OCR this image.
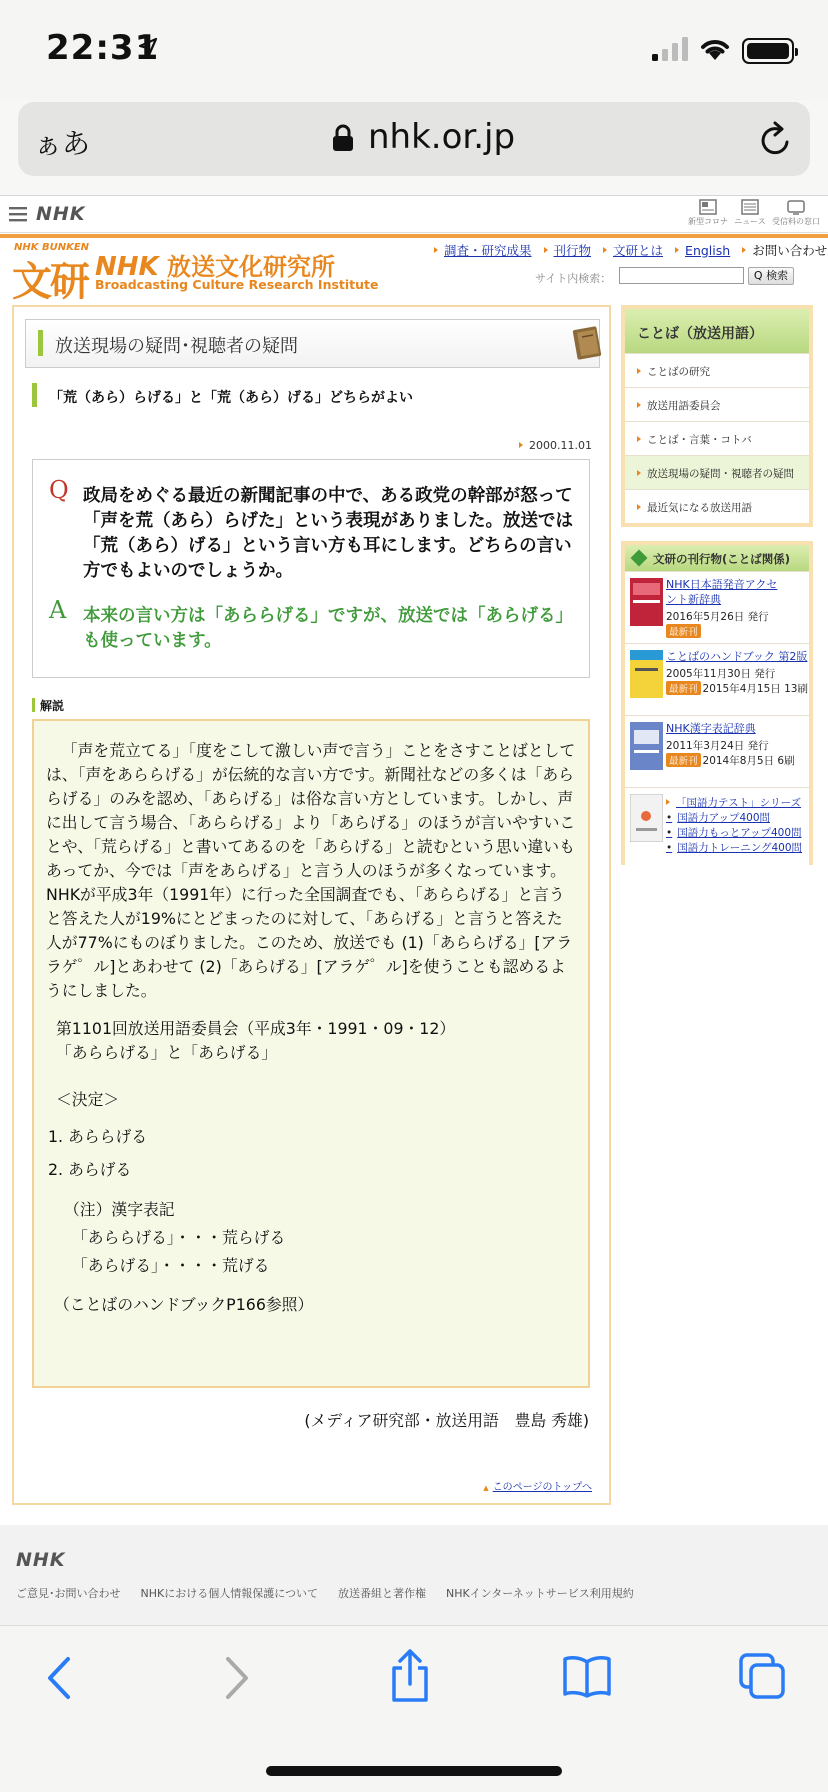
22:31
ぁあ	nhk.or.jp
NHK	新型コロナ ニュース 受信料の窓口
NHK BUNKEN
文研 NHK 放送文化研究所
Broadcasting Culture Research Institute
調査・研究成果 刊行物 文研とは English お問い合わせ
サイト内検索：	Q 検索
放送現場の疑問･視聴者の疑問
「荒（あら）らげる」と「荒（あら）げる」どちらがよい
2000.11.01
Q 政局をめぐる最近の新聞記事の中で、ある政党の幹部が怒って「声を荒（あら）らげた」という表現がありました。放送では「荒（あら）げる」という言い方も耳にします。どちらの言い方でもよいのでしょうか。
A 本来の言い方は「あららげる」ですが、放送では「あらげる」も使っています。
解説
「声を荒立てる」「度をこして激しい声で言う」ことをさすことばとしては、「声をあららげる」が伝統的な言い方です。新聞社などの多くは「あららげる」のみを認め、「あらげる」は俗な言い方としています。しかし、声に出して言う場合、「あららげる」より「あらげる」のほうが言いやすいことや、「荒らげる」と書いてあるのを「あらげる」と読むという思い違いもあってか、今では「声をあらげる」と言う人のほうが多くなっています。NHKが平成3年（1991年）に行った全国調査でも、「あららげる」と言うと答えた人が19%にとどまったのに対して、「あらげる」と言うと答えた人が77%にものぼりました。このため、放送でも (1)「あららげる」[アララゲ゜ル]とあわせて (2)「あらげる」[アラゲ゜ル]を使うことも認めるようにしました。
第1101回放送用語委員会（平成3年・1991・09・12）
「あららげる」と「あらげる」
＜決定＞
1. あららげる
2. あらげる
（注）漢字表記
「あららげる」・・・荒らげる
「あらげる」・・・・荒げる
（ことばのハンドブックP166参照）
(メディア研究部・放送用語　豊島 秀雄)
▲ このページのトップへ
ことば（放送用語）
ことばの研究
放送用語委員会
ことば・言葉・コトバ
放送現場の疑問・視聴者の疑問
最近気になる放送用語
文研の刊行物(ことば関係)
NHK日本語発音アクセント新辞典
2016年5月26日 発行
最新刊
ことばのハンドブック 第2版
2005年11月30日 発行
最新刊 2015年4月15日 13刷
NHK漢字表記辞典
2011年3月24日 発行
最新刊 2014年8月5日 6刷
「国語力テスト」シリーズ
• 国語力アップ400問
• 国語力もっとアップ400問
• 国語力トレーニング400問
NHK
ご意見･お問い合わせ NHKにおける個人情報保護について 放送番組と著作権 NHKインターネットサービス利用規約
